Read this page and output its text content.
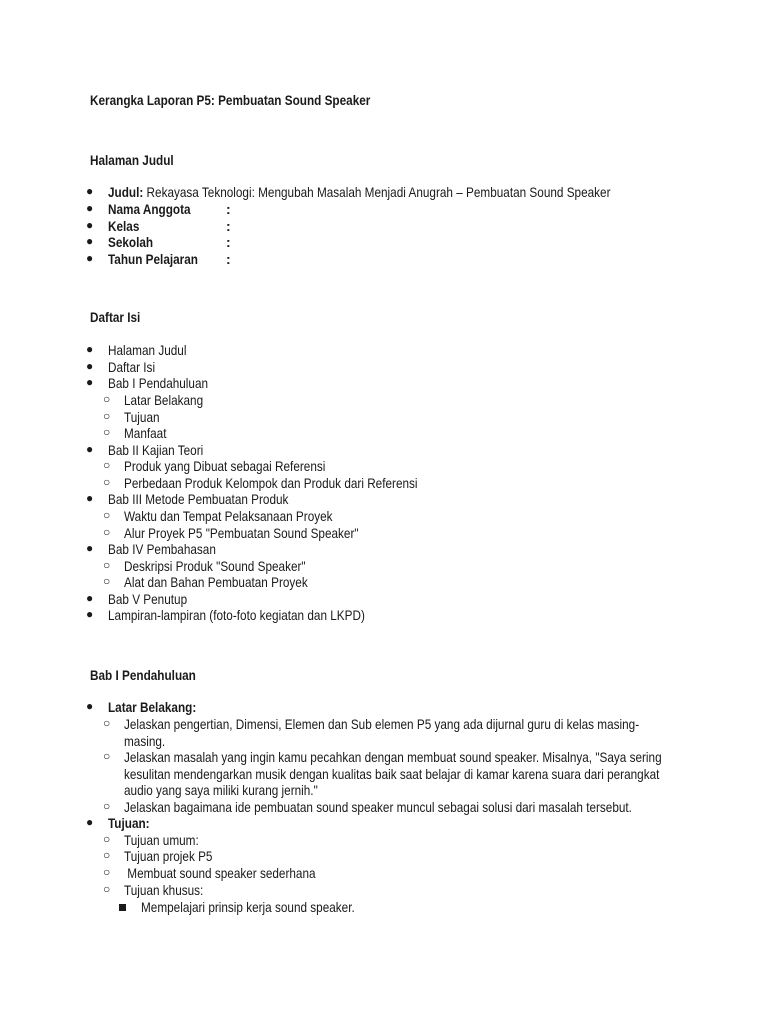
Kerangka Laporan P5: Pembuatan Sound Speaker
Halaman Judul
● Judul: Rekayasa Teknologi: Mengubah Masalah Menjadi Anugrah – Pembuatan Sound Speaker
● Nama Anggota	:
● Kelas	:
● Sekolah	:
● Tahun Pelajaran :
Daftar Isi
● Halaman Judul
● Daftar Isi
● Bab I Pendahuluan
○ Latar Belakang
○ Tujuan
○ Manfaat
● Bab II Kajian Teori
○ Produk yang Dibuat sebagai Referensi
○ Perbedaan Produk Kelompok dan Produk dari Referensi
● Bab III Metode Pembuatan Produk
○ Waktu dan Tempat Pelaksanaan Proyek
○ Alur Proyek P5 "Pembuatan Sound Speaker"
● Bab IV Pembahasan
○ Deskripsi Produk "Sound Speaker"
○ Alat dan Bahan Pembuatan Proyek
● Bab V Penutup
● Lampiran-lampiran (foto-foto kegiatan dan LKPD)
Bab I Pendahuluan
● Latar Belakang:
○ Jelaskan pengertian, Dimensi, Elemen dan Sub elemen P5 yang ada dijurnal guru di kelas masing-masing.
○ Jelaskan masalah yang ingin kamu pecahkan dengan membuat sound speaker. Misalnya, "Saya sering kesulitan mendengarkan musik dengan kualitas baik saat belajar di kamar karena suara dari perangkat audio yang saya miliki kurang jernih."
○ Jelaskan bagaimana ide pembuatan sound speaker muncul sebagai solusi dari masalah tersebut.
● Tujuan:
○ Tujuan umum:
○ Tujuan projek P5
○ Membuat sound speaker sederhana
○ Tujuan khusus:
Mempelajari prinsip kerja sound speaker.
